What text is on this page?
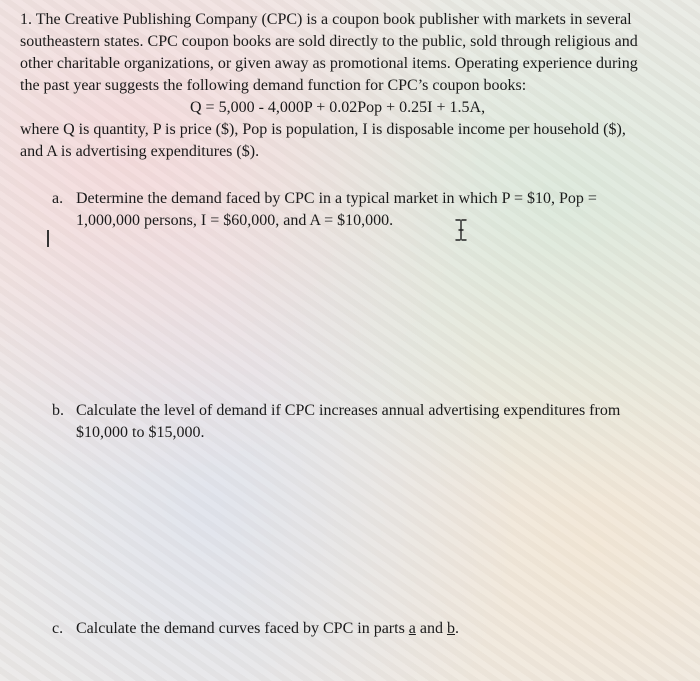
1. The Creative Publishing Company (CPC) is a coupon book publisher with markets in several
southeastern states. CPC coupon books are sold directly to the public, sold through religious and
other charitable organizations, or given away as promotional items. Operating experience during
the past year suggests the following demand function for CPC’s coupon books:
Q = 5,000 - 4,000P + 0.02Pop + 0.25I + 1.5A,
where Q is quantity, P is price ($), Pop is population, I is disposable income per household ($),
and A is advertising expenditures ($).
a. Determine the demand faced by CPC in a typical market in which P = $10, Pop =
1,000,000 persons, I = $60,000, and A = $10,000.
b. Calculate the level of demand if CPC increases annual advertising expenditures from
$10,000 to $15,000.
c. Calculate the demand curves faced by CPC in parts a and b.
